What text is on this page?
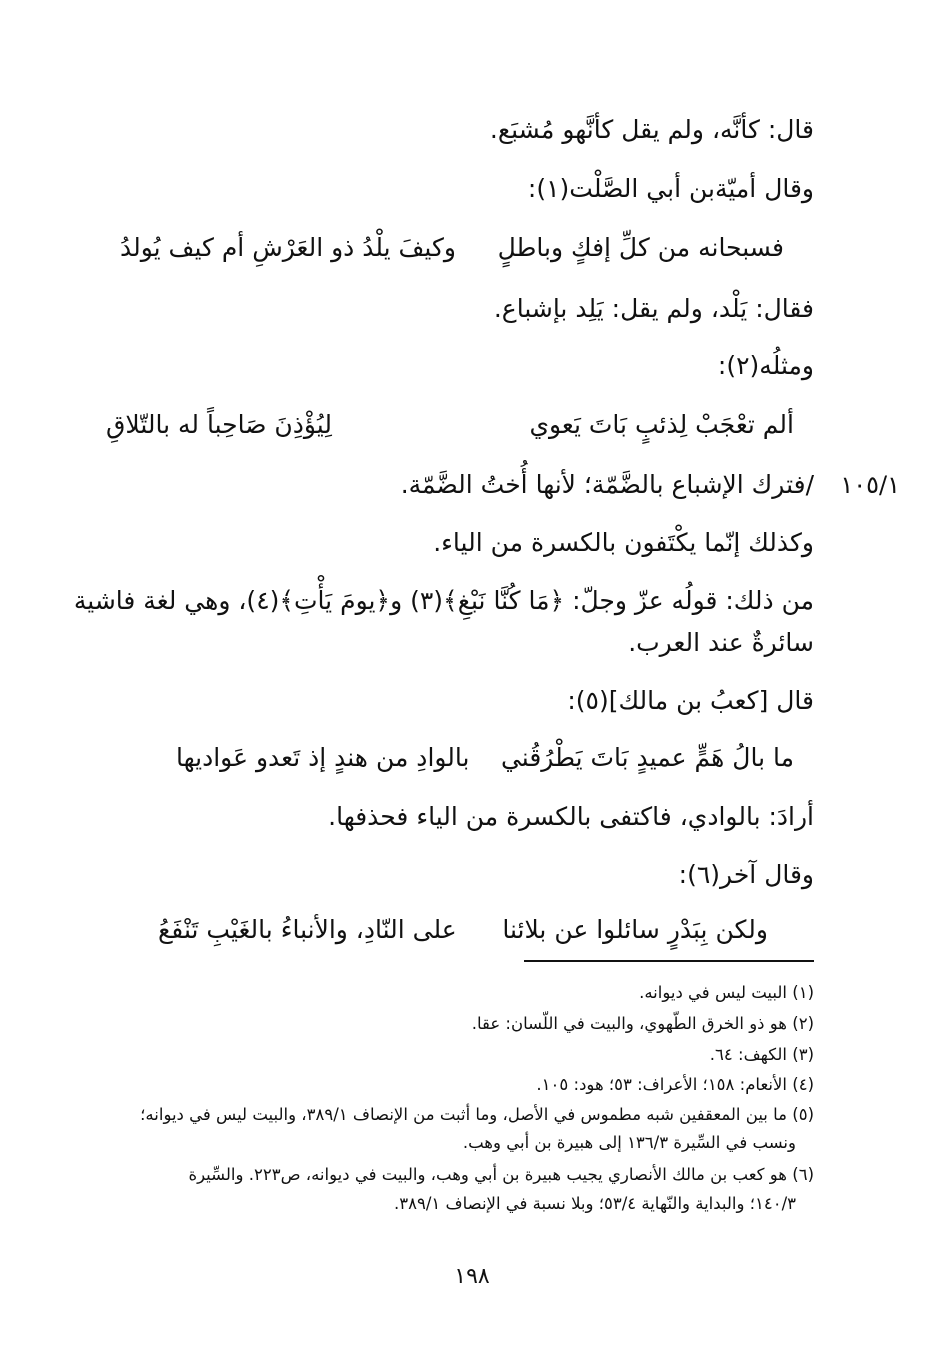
قال: كأنَّه، ولم يقل كأنَّهو مُشبَع.
وقال أميّةبن أبي الصَّلْت(١):
فسبحانه من كلِّ إفكٍ وباطلٍ
وكيفَ يلْدُ ذو العَرْشِ أم كيف يُولدُ
فقال: يَلْد، ولم يقل: يَلِد بإشباع.
ومثلُه(٢):
ألم تعْجَبْ لِذئبٍ بَاتَ يَعوي
لِيُؤْذِنَ صَاحِباً له بالتّلاقِ
١٠٥/١
/فترك الإشباع بالضَّمّة؛ لأنها أُختُ الضَّمّة.
وكذلك إنّما يكْتَفون بالكسرة من الياء.
من ذلك: قولُه عزّ وجلّ: ﴿مَا كُنَّا نَبْغِ﴾(٣) و﴿يومَ يَأْتِ﴾(٤)، وهي لغة فاشية
سائرةٌ عند العرب.
قال [كعبُ بن مالك](٥):
ما بالُ هَمٍّ عميدٍ بَاتَ يَطْرُقُني
بالوادِ من هندٍ إذ تَعدو عَواديها
أرادَ: بالوادي، فاكتفى بالكسرة من الياء فحذفها.
وقال آخر(٦):
ولكن بِبَدْرٍ سائلوا عن بلائنا
على النّادِ، والأنباءُ بالغَيْبِ تَنْفَعُ
(١) البيت ليس في ديوانه.
(٢) هو ذو الخرق الطّهوي، والبيت في اللّسان: عقا.
(٣) الكهف: ٦٤.
(٤) الأنعام: ١٥٨؛ الأعراف: ٥٣؛ هود: ١٠٥.
(٥) ما بين المعقفين شبه مطموس في الأصل، وما أثبت من الإنصاف ٣٨٩/١، والبيت ليس في ديوانه؛
ونسب في السِّيرة ١٣٦/٣ إلى هبيرة بن أبي وهب.
(٦) هو كعب بن مالك الأنصاري يجيب هبيرة بن أبي وهب، والبيت في ديوانه، ص٢٢٣. والسِّيرة
١٤٠/٣؛ والبداية والنّهاية ٥٣/٤؛ وبلا نسبة في الإنصاف ٣٨٩/١.
١٩٨
